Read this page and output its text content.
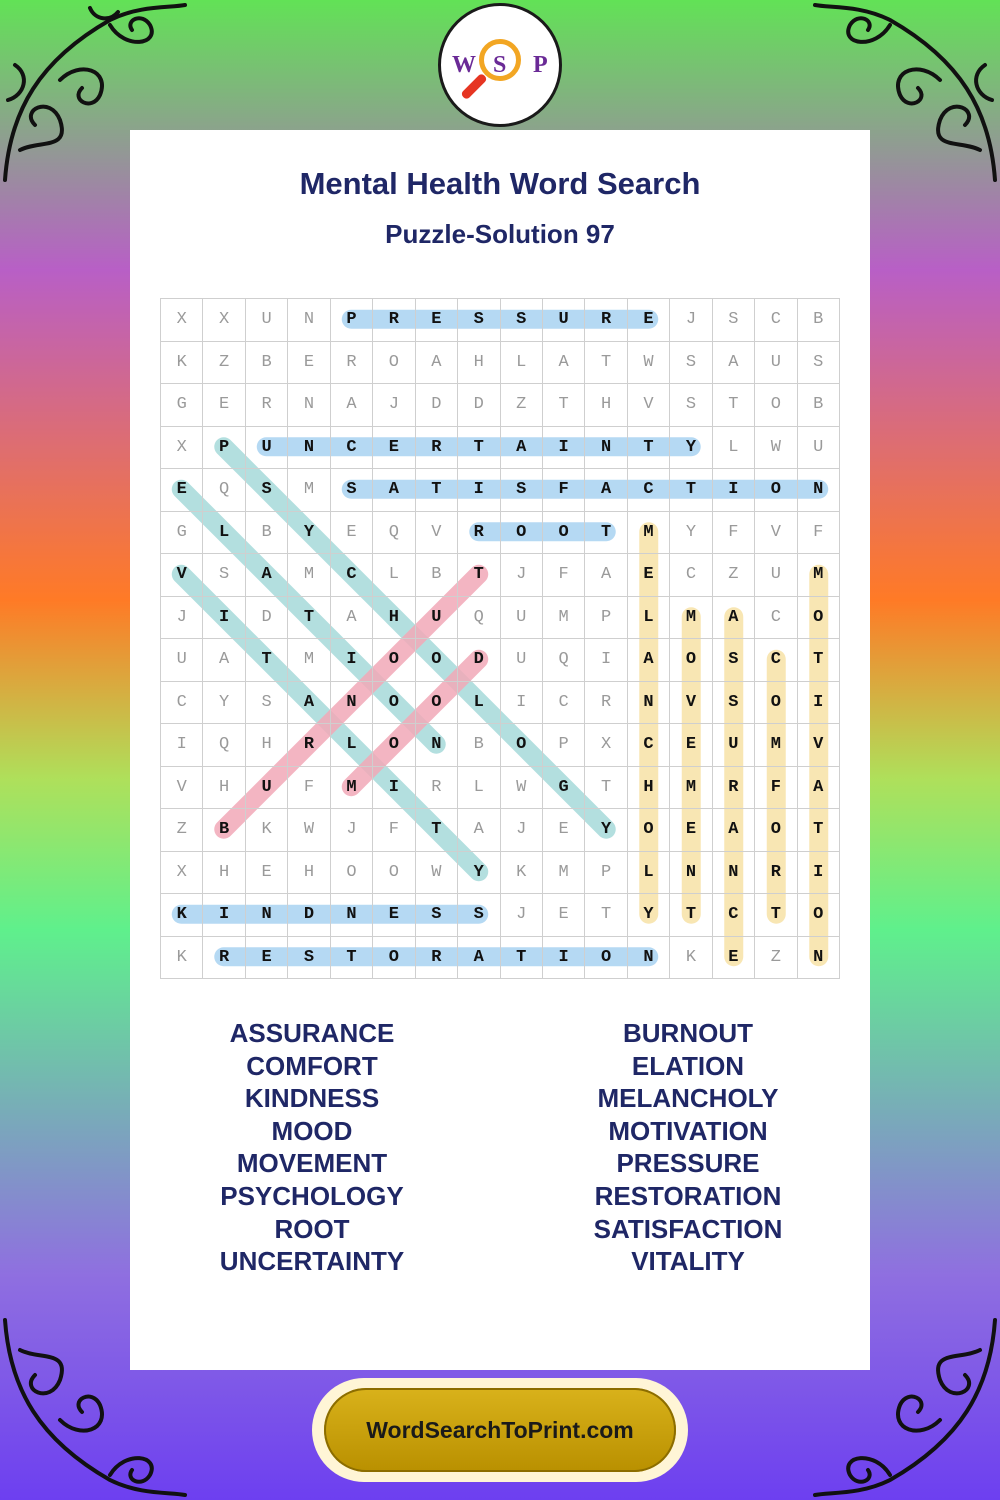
W S P
Mental Health Word Search
Puzzle-Solution 97
X	X	U	N	P	R	E	S	S	U	R	E	J	S	C	B
K	Z	B	E	R	O	A	H	L	A	T	W	S	A	U	S
G	E	R	N	A	J	D	D	Z	T	H	V	S	T	O	B
X	P	U	N	C	E	R	T	A	I	N	T	Y	L	W	U
E	Q	S	M	S	A	T	I	S	F	A	C	T	I	O	N
G	L	B	Y	E	Q	V	R	O	O	T	M	Y	F	V	F
V	S	A	M	C	L	B	T	J	F	A	E	C	Z	U	M
J	I	D	T	A	H	U	Q	U	M	P	L	M	A	C	O
U	A	T	M	I	O	O	D	U	Q	I	A	O	S	C	T
C	Y	S	A	N	O	O	L	I	C	R	N	V	S	O	I
I	Q	H	R	L	O	N	B	O	P	X	C	E	U	M	V
V	H	U	F	M	I	R	L	W	G	T	H	M	R	F	A
Z	B	K	W	J	F	T	A	J	E	Y	O	E	A	O	T
X	H	E	H	O	O	W	Y	K	M	P	L	N	N	R	I
K	I	N	D	N	E	S	S	J	E	T	Y	T	C	T	O
K	R	E	S	T	O	R	A	T	I	O	N	K	E	Z	N
ASSURANCE
COMFORT
KINDNESS
MOOD
MOVEMENT
PSYCHOLOGY
ROOT
UNCERTAINTY
BURNOUT
ELATION
MELANCHOLY
MOTIVATION
PRESSURE
RESTORATION
SATISFACTION
VITALITY
WordSearchToPrint.com
